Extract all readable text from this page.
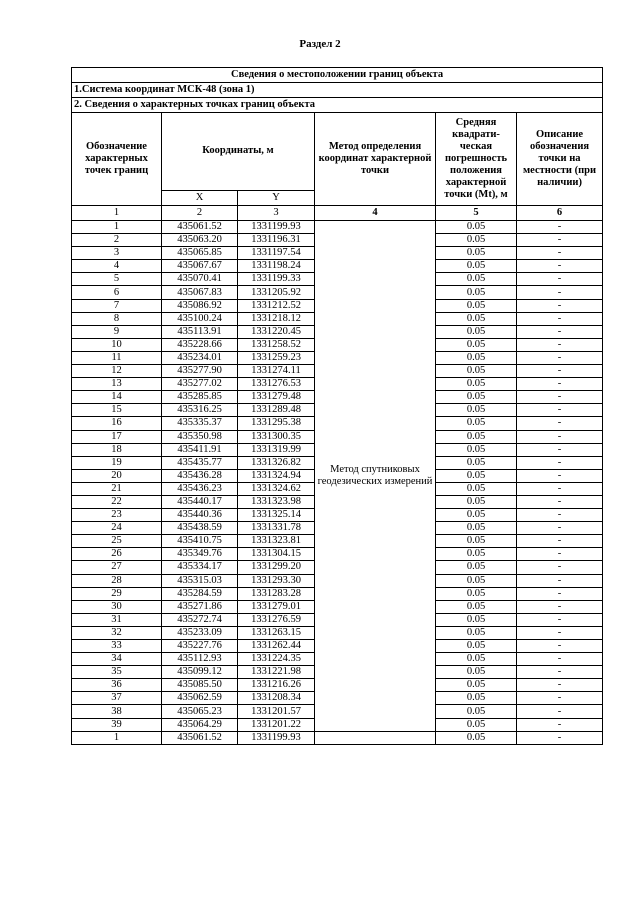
Раздел 2
Сведения о местоположении границ объекта					
1.Система координат МСК-48 (зона 1)					
2. Сведения о характерных точках границ объекта					
Обозначение характерных точек границ	Координаты, м		Метод определения координат характерной точки	Средняя квадрати-ческая погрешность положения характерной точки (Mt), м	Описание обозначения точки на местности (при наличии)
	X	Y			
1	2	3	4	5	6
1	435061.52	1331199.93	Метод спутниковых геодезических измерений	0.05	-
2	435063.20	1331196.31		0.05	-
3	435065.85	1331197.54		0.05	-
4	435067.67	1331198.24		0.05	-
5	435070.41	1331199.33		0.05	-
6	435067.83	1331205.92		0.05	-
7	435086.92	1331212.52		0.05	-
8	435100.24	1331218.12		0.05	-
9	435113.91	1331220.45		0.05	-
10	435228.66	1331258.52		0.05	-
11	435234.01	1331259.23		0.05	-
12	435277.90	1331274.11		0.05	-
13	435277.02	1331276.53		0.05	-
14	435285.85	1331279.48		0.05	-
15	435316.25	1331289.48		0.05	-
16	435335.37	1331295.38		0.05	-
17	435350.98	1331300.35		0.05	-
18	435411.91	1331319.99		0.05	-
19	435435.77	1331326.82		0.05	-
20	435436.28	1331324.94		0.05	-
21	435436.23	1331324.62		0.05	-
22	435440.17	1331323.98		0.05	-
23	435440.36	1331325.14		0.05	-
24	435438.59	1331331.78		0.05	-
25	435410.75	1331323.81		0.05	-
26	435349.76	1331304.15		0.05	-
27	435334.17	1331299.20		0.05	-
28	435315.03	1331293.30		0.05	-
29	435284.59	1331283.28		0.05	-
30	435271.86	1331279.01		0.05	-
31	435272.74	1331276.59		0.05	-
32	435233.09	1331263.15		0.05	-
33	435227.76	1331262.44		0.05	-
34	435112.93	1331224.35		0.05	-
35	435099.12	1331221.98		0.05	-
36	435085.50	1331216.26		0.05	-
37	435062.59	1331208.34		0.05	-
38	435065.23	1331201.57		0.05	-
39	435064.29	1331201.22		0.05	-
1	435061.52	1331199.93		0.05	-
